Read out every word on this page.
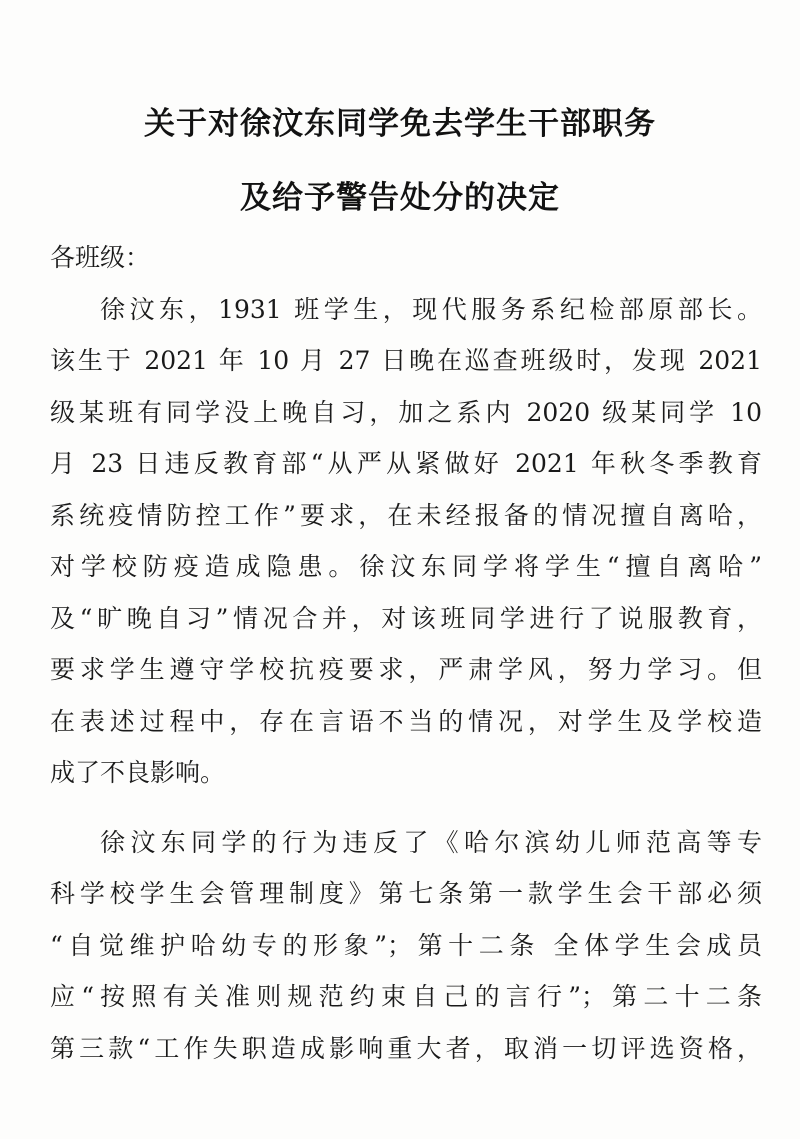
关于对徐汶东同学免去学生干部职务
及给予警告处分的决定
各班级：
徐汶东，1931 班学生，现代服务系纪检部原部长。
该生于 2021 年 10 月 27 日晚在巡查班级时，发现 2021
级某班有同学没上晚自习，加之系内 2020 级某同学 10
月 23 日违反教育部“从严从紧做好 2021 年秋冬季教育
系统疫情防控工作”要求，在未经报备的情况擅自离哈，
对学校防疫造成隐患。徐汶东同学将学生“擅自离哈”
及“旷晚自习”情况合并，对该班同学进行了说服教育，
要求学生遵守学校抗疫要求，严肃学风，努力学习。但
在表述过程中，存在言语不当的情况，对学生及学校造
成了不良影响。
徐汶东同学的行为违反了《哈尔滨幼儿师范高等专
科学校学生会管理制度》第七条第一款学生会干部必须
“自觉维护哈幼专的形象”；第十二条 全体学生会成员
应“按照有关准则规范约束自己的言行”；第二十二条
第三款“工作失职造成影响重大者，取消一切评选资格，
